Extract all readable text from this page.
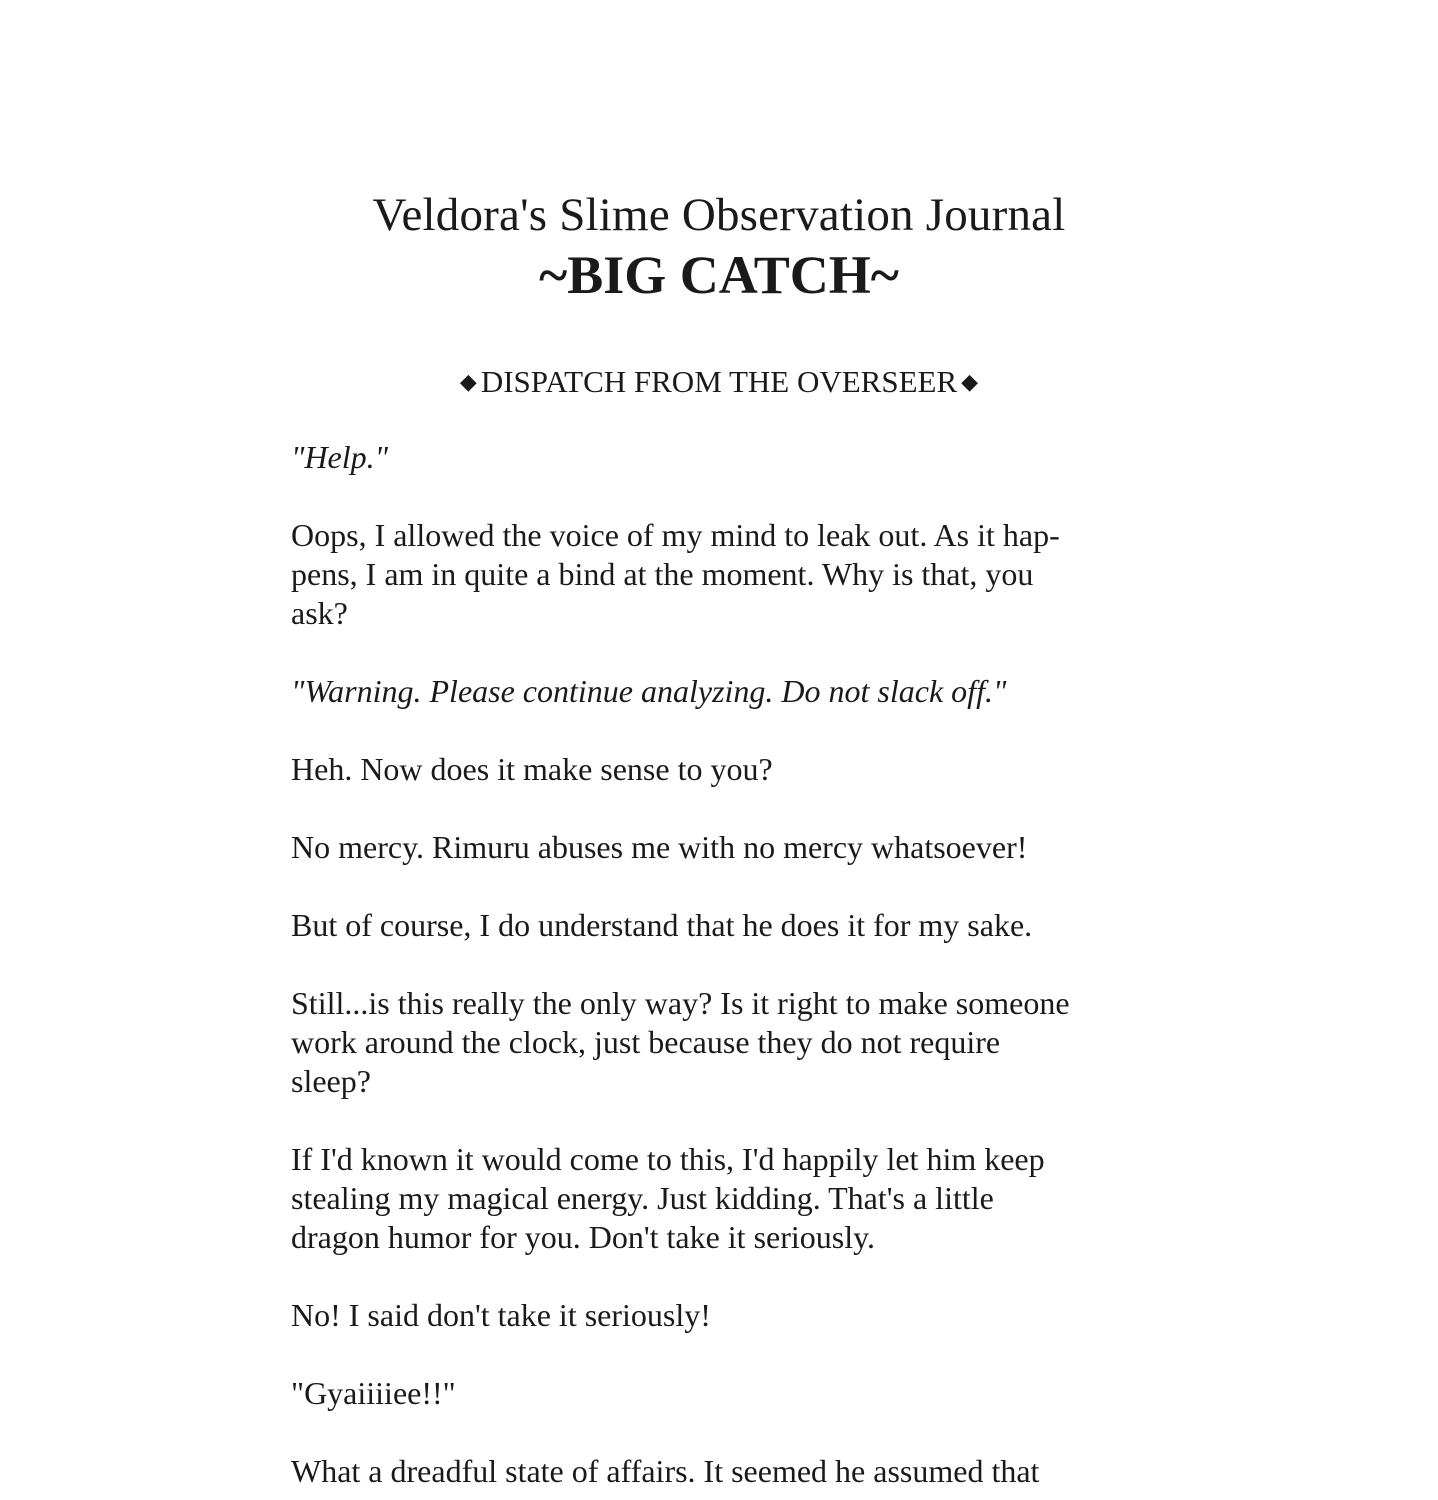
Veldora's Slime Observation Journal
~BIG CATCH~
◆ DISPATCH FROM THE OVERSEER ◆

"Help."

Oops, I allowed the voice of my mind to leak out. As it hap-
pens, I am in quite a bind at the moment. Why is that, you
ask?

"Warning. Please continue analyzing. Do not slack off."

Heh. Now does it make sense to you?

No mercy. Rimuru abuses me with no mercy whatsoever!

But of course, I do understand that he does it for my sake.

Still...is this really the only way? Is it right to make someone
work around the clock, just because they do not require
sleep?

If I'd known it would come to this, I'd happily let him keep
stealing my magical energy. Just kidding. That's a little
dragon humor for you. Don't take it seriously.

No! I said don't take it seriously!

"Gyaiiiiee!!"

What a dreadful state of affairs. It seemed he assumed that
